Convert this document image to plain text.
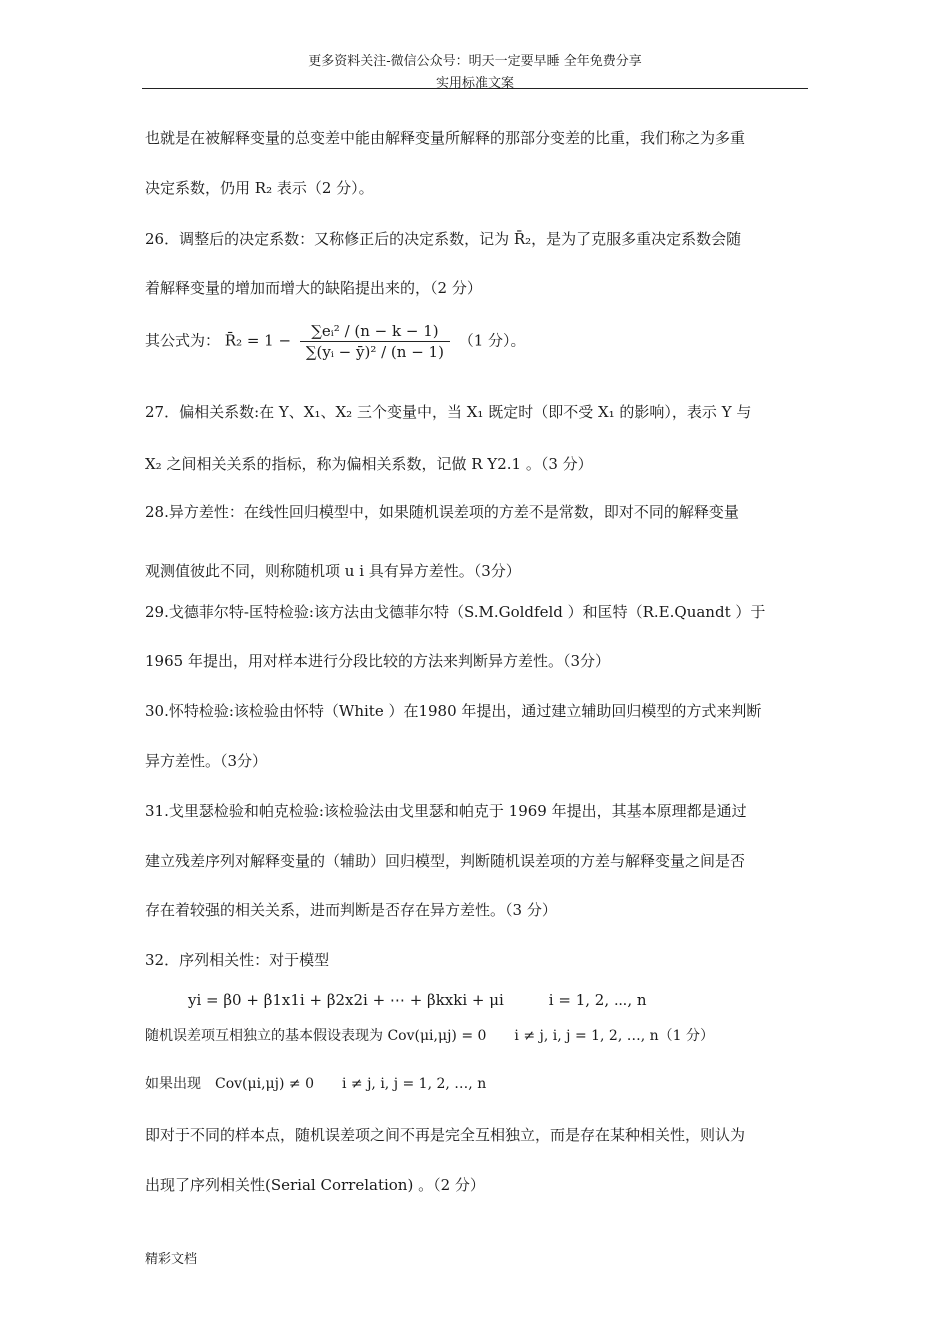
更多资料关注-微信公众号：明天一定要早睡 全年免费分享
实用标准文案
也就是在被解释变量的总变差中能由解释变量所解释的那部分变差的比重，我们称之为多重
决定系数，仍用 R₂ 表示（2 分）。
26．调整后的决定系数：又称修正后的决定系数，记为 R̄₂，是为了克服多重决定系数会随
着解释变量的增加而增大的缺陷提出来的，（2 分）
其公式为： R̄₂ = $1 - \frac{\text{∑eᵢ² / (n − k − 1)}}{\text{∑(yᵢ − ȳ)² / (n − 1)}} (1$ 分）。
27．偏相关系数:在 Y、X₁、X₂ 三个变量中，当 X₁ 既定时（即不受 X₁ 的影响），表示 Y 与
X₂ 之间相关关系的指标，称为偏相关系数，记做 R Y2.1 。（3 分）
28.异方差性：在线性回归模型中，如果随机误差项的方差不是常数，即对不同的解释变量
观测值彼此不同，则称随机项 u i 具有异方差性。（3分）
29.戈德菲尔特-匡特检验:该方法由戈德菲尔特（S.M.Goldfeld ）和匡特（R.E.Quandt ）于
1965 年提出，用对样本进行分段比较的方法来判断异方差性。（3分）
30.怀特检验:该检验由怀特（White ）在1980 年提出，通过建立辅助回归模型的方式来判断
异方差性。（3分）
31.戈里瑟检验和帕克检验:该检验法由戈里瑟和帕克于 1969 年提出，其基本原理都是通过
建立残差序列对解释变量的（辅助）回归模型，判断随机误差项的方差与解释变量之间是否
存在着较强的相关关系，进而判断是否存在异方差性。（3 分）
32．序列相关性：对于模型
yi = β0 + β1x1i + β2x2i + ⋯ + βkxki + μi　　　i = 1, 2, ⋯, n
随机误差项互相独立的基本假设表现为 Cov(μi,μj) = 0　　i ≠ j, i, j = 1, 2, …, n（1 分）
如果出现　Cov(μi,μj) ≠ 0　　i ≠ j, i, j = 1, 2, …, n
即对于不同的样本点，随机误差项之间不再是完全互相独立，而是存在某种相关性，则认为
出现了序列相关性(Serial Correlation) 。（2 分）
精彩文档
